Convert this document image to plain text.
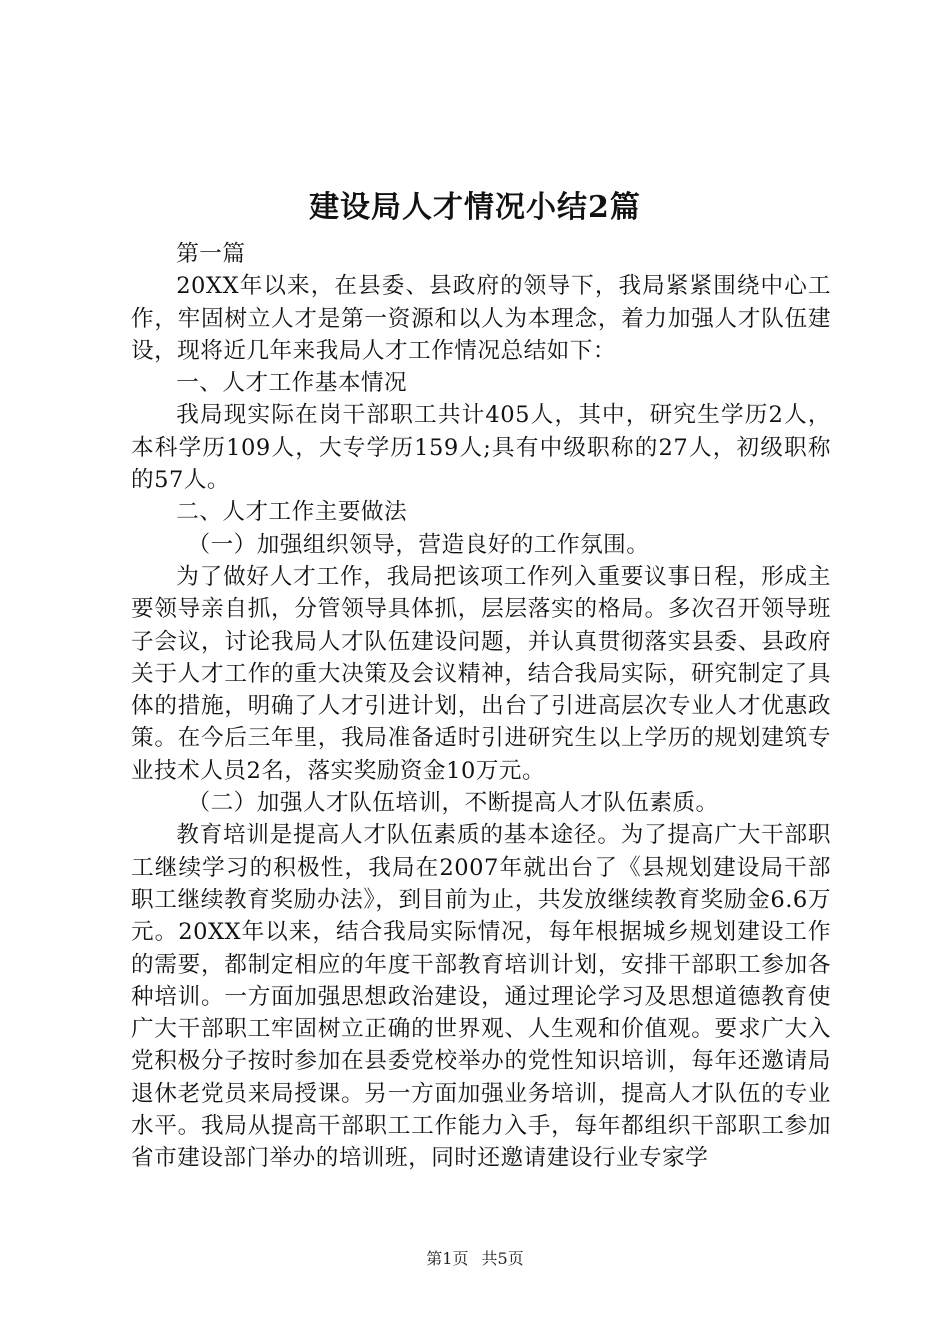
建设局人才情况小结2篇

第一篇

20XX年以来，在县委、县政府的领导下，我局紧紧围绕中心工作，牢固树立人才是第一资源和以人为本理念，着力加强人才队伍建设，现将近几年来我局人才工作情况总结如下：

一、人才工作基本情况

我局现实际在岗干部职工共计405人，其中，研究生学历2人，本科学历109人，大专学历159人;具有中级职称的27人，初级职称的57人。

二、人才工作主要做法

（一）加强组织领导，营造良好的工作氛围。

为了做好人才工作，我局把该项工作列入重要议事日程，形成主要领导亲自抓，分管领导具体抓，层层落实的格局。多次召开领导班子会议，讨论我局人才队伍建设问题，并认真贯彻落实县委、县政府关于人才工作的重大决策及会议精神，结合我局实际，研究制定了具体的措施，明确了人才引进计划，出台了引进高层次专业人才优惠政策。在今后三年里，我局准备适时引进研究生以上学历的规划建筑专业技术人员2名，落实奖励资金10万元。

（二）加强人才队伍培训，不断提高人才队伍素质。

教育培训是提高人才队伍素质的基本途径。为了提高广大干部职工继续学习的积极性，我局在2007年就出台了《县规划建设局干部职工继续教育奖励办法》，到目前为止，共发放继续教育奖励金6.6万元。20XX年以来，结合我局实际情况，每年根据城乡规划建设工作的需要，都制定相应的年度干部教育培训计划，安排干部职工参加各种培训。一方面加强思想政治建设，通过理论学习及思想道德教育使广大干部职工牢固树立正确的世界观、人生观和价值观。要求广大入党积极分子按时参加在县委党校举办的党性知识培训，每年还邀请局退休老党员来局授课。另一方面加强业务培训，提高人才队伍的专业水平。我局从提高干部职工工作能力入手，每年都组织干部职工参加省市建设部门举办的培训班，同时还邀请建设行业专家学

第1页 共5页
